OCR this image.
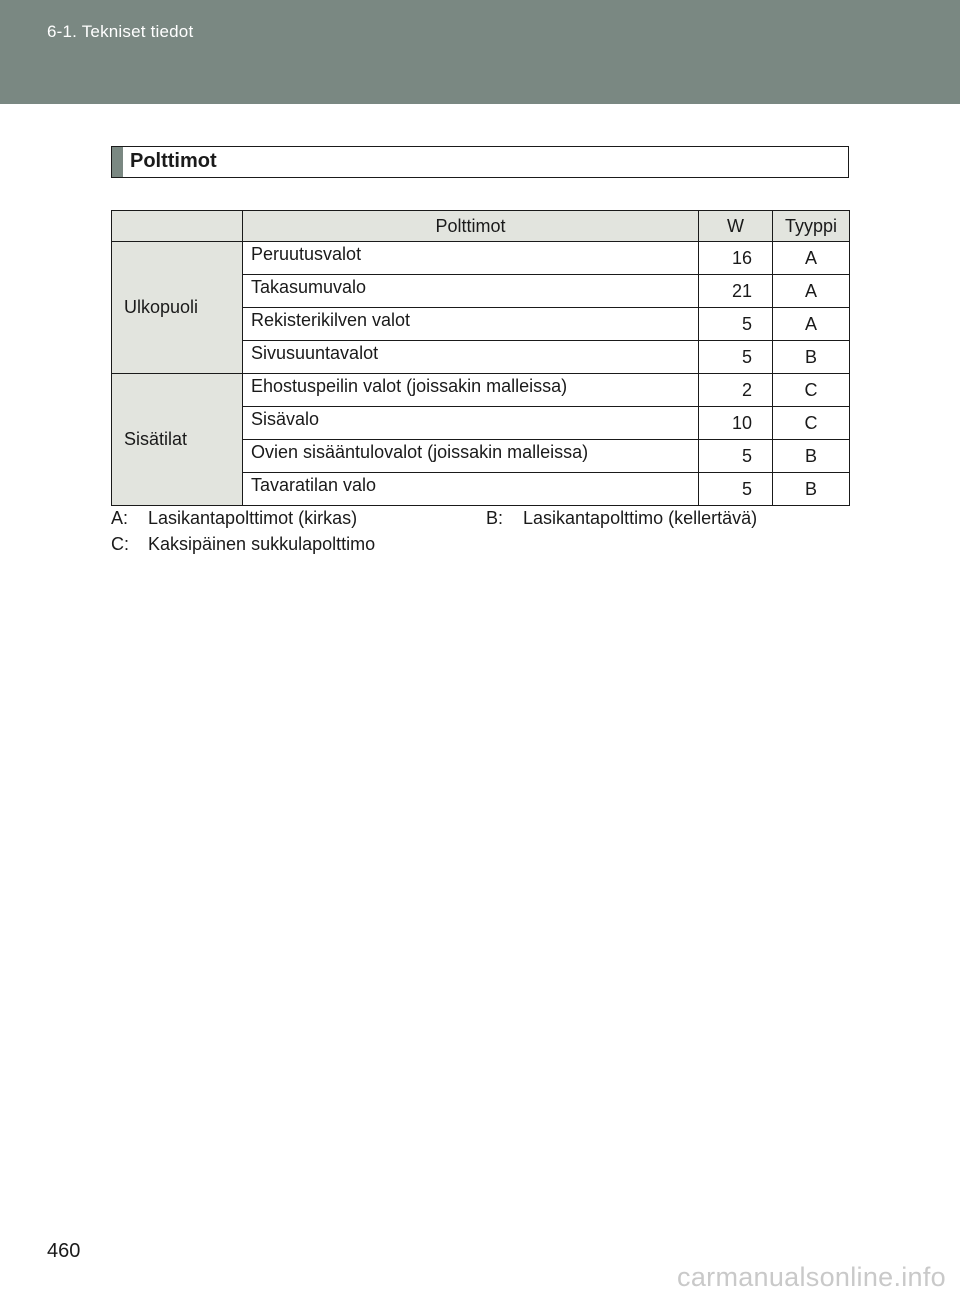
6-1. Tekniset tiedot
Polttimot
	Polttimot	W	Tyyppi
Ulkopuoli	Peruutusvalot	16	A
	Takasumuvalo	21	A
	Rekisterikilven valot	5	A
	Sivusuuntavalot	5	B
Sisätilat	Ehostuspeilin valot (joissakin malleissa)	2	C
	Sisävalo	10	C
	Ovien sisääntulovalot (joissakin malleissa)	5	B
	Tavaratilan valo	5	B
A: Lasikantapolttimot (kirkas)	B: Lasikantapolttimo (kellertävä)
C: Kaksipäinen sukkulapolttimo
460
carmanualsonline.info
